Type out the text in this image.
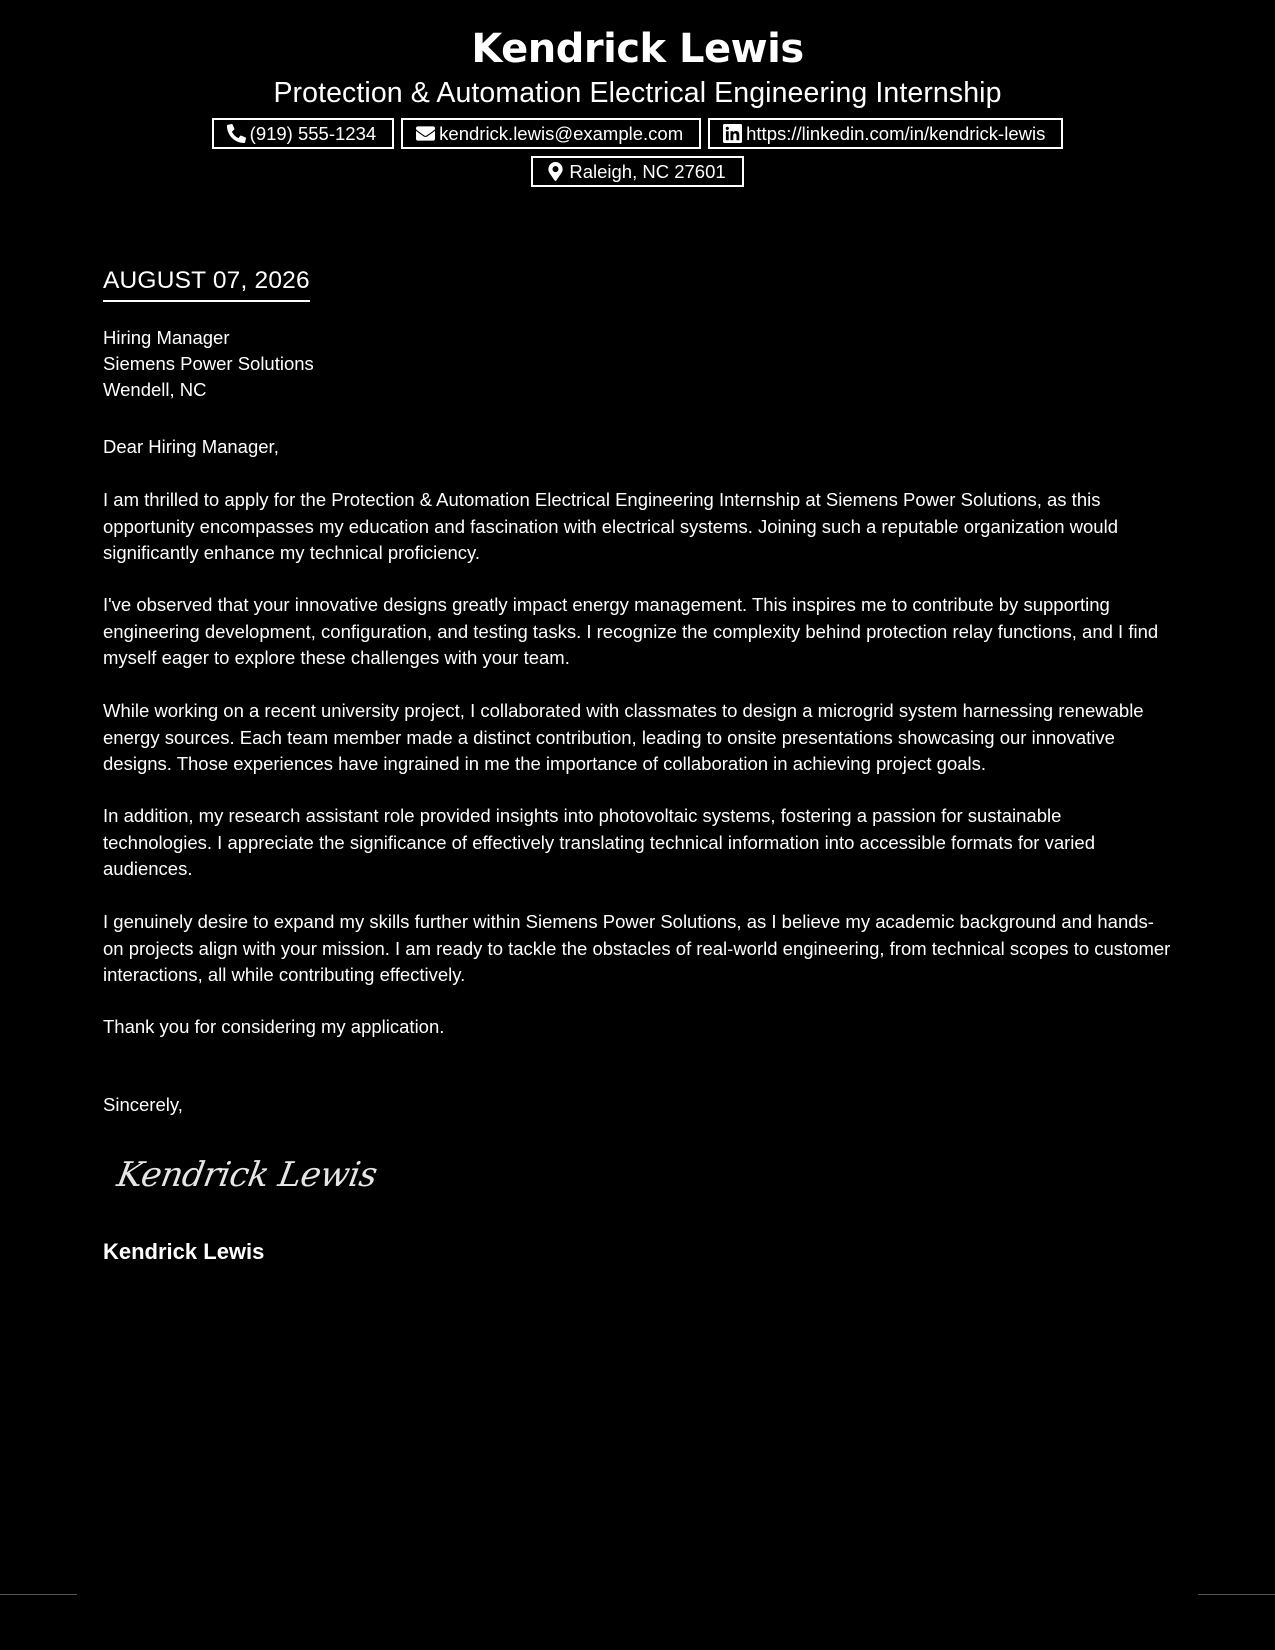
Kendrick Lewis
Protection & Automation Electrical Engineering Internship
(919) 555-1234	kendrick.lewis@example.com	https://linkedin.com/in/kendrick-lewis
Raleigh, NC 27601
AUGUST 07, 2026
Hiring Manager
Siemens Power Solutions
Wendell, NC

Dear Hiring Manager,

I am thrilled to apply for the Protection & Automation Electrical Engineering Internship at Siemens Power Solutions, as this opportunity encompasses my education and fascination with electrical systems. Joining such a reputable organization would significantly enhance my technical proficiency.

I've observed that your innovative designs greatly impact energy management. This inspires me to contribute by supporting engineering development, configuration, and testing tasks. I recognize the complexity behind protection relay functions, and I find myself eager to explore these challenges with your team.

While working on a recent university project, I collaborated with classmates to design a microgrid system harnessing renewable energy sources. Each team member made a distinct contribution, leading to onsite presentations showcasing our innovative designs. Those experiences have ingrained in me the importance of collaboration in achieving project goals.

In addition, my research assistant role provided insights into photovoltaic systems, fostering a passion for sustainable technologies. I appreciate the significance of effectively translating technical information into accessible formats for varied audiences.

I genuinely desire to expand my skills further within Siemens Power Solutions, as I believe my academic background and hands-on projects align with your mission. I am ready to tackle the obstacles of real-world engineering, from technical scopes to customer interactions, all while contributing effectively.

Thank you for considering my application.

Sincerely,

Kendrick Lewis
Kendrick Lewis
